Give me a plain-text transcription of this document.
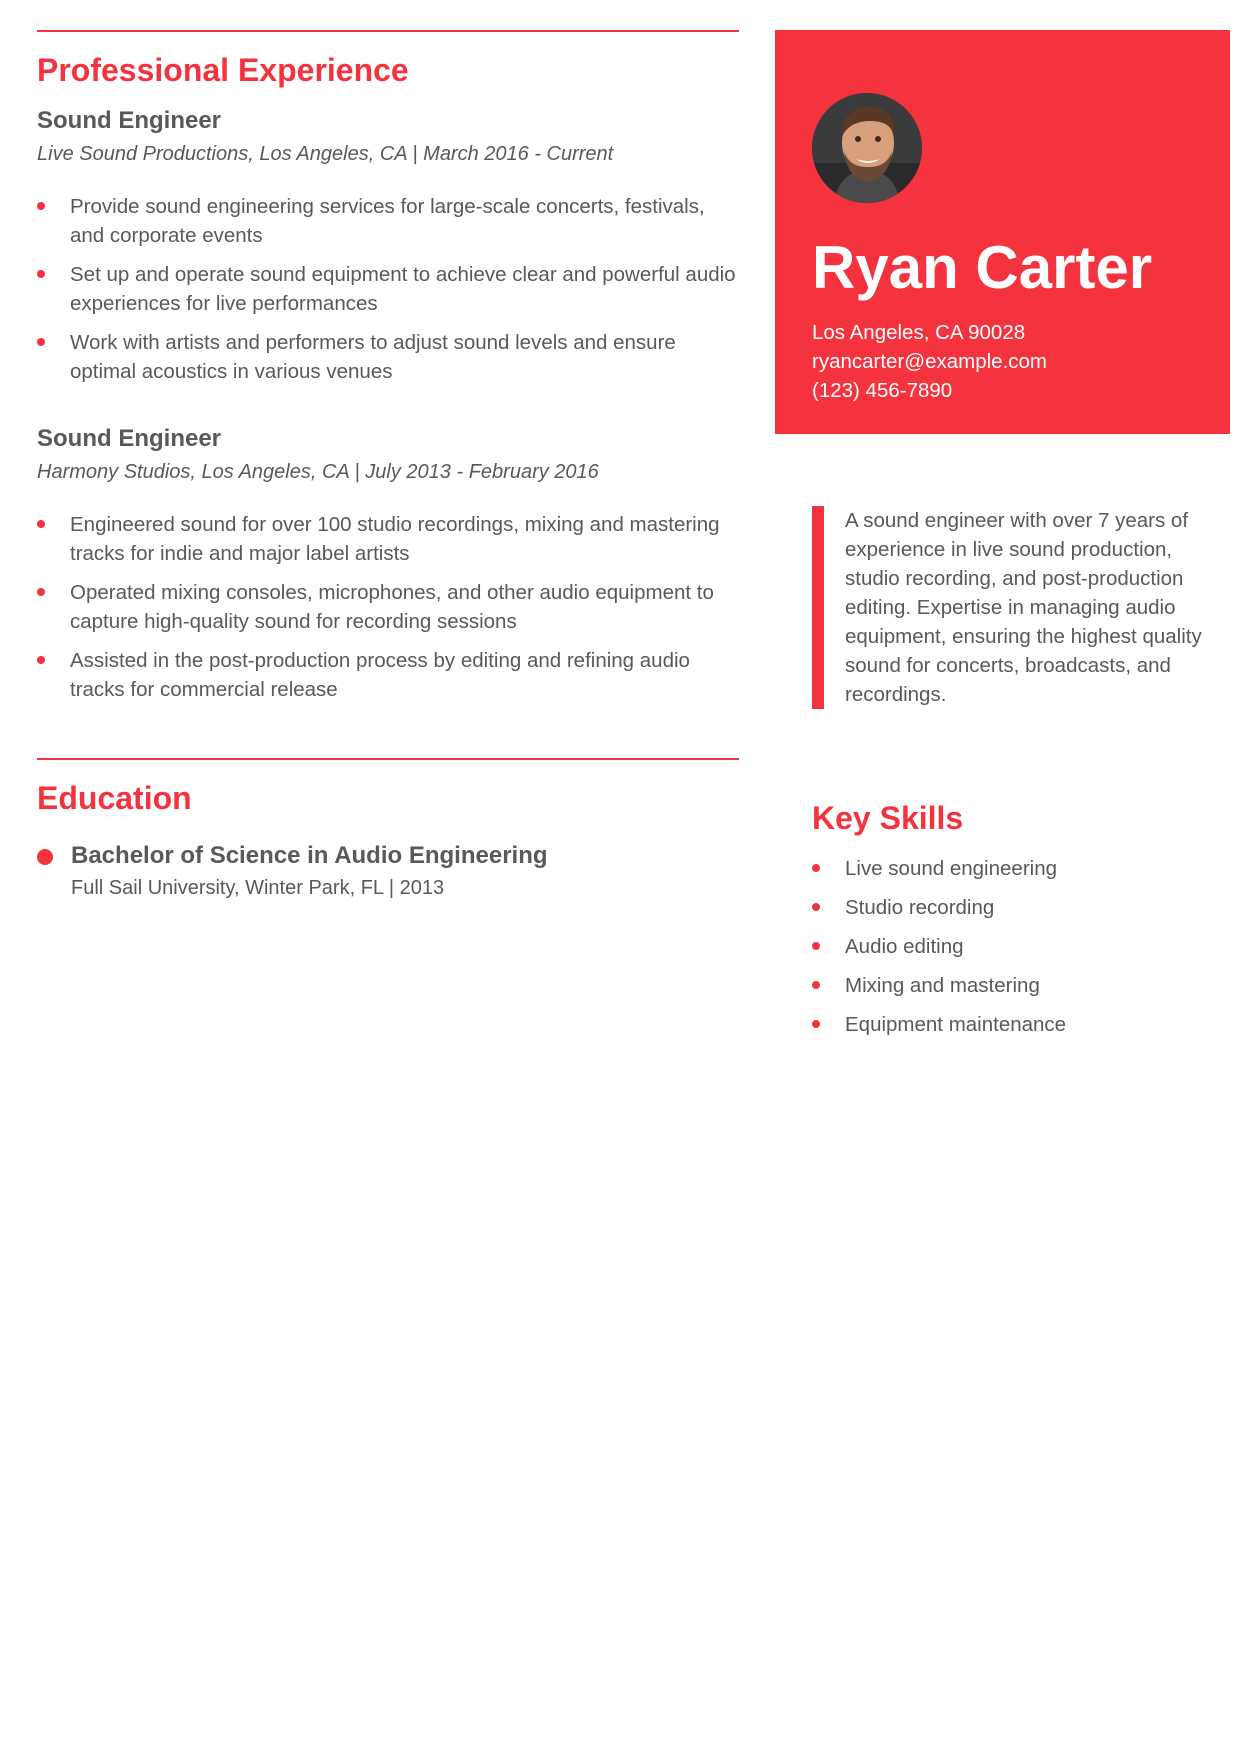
Professional Experience
Sound Engineer
Live Sound Productions, Los Angeles, CA | March 2016 - Current
Provide sound engineering services for large-scale concerts, festivals, and corporate events
Set up and operate sound equipment to achieve clear and powerful audio experiences for live performances
Work with artists and performers to adjust sound levels and ensure optimal acoustics in various venues
Sound Engineer
Harmony Studios, Los Angeles, CA | July 2013 - February 2016
Engineered sound for over 100 studio recordings, mixing and mastering tracks for indie and major label artists
Operated mixing consoles, microphones, and other audio equipment to capture high-quality sound for recording sessions
Assisted in the post-production process by editing and refining audio tracks for commercial release
Education
Bachelor of Science in Audio Engineering
Full Sail University, Winter Park, FL | 2013
Ryan Carter
Los Angeles, CA 90028
ryancarter@example.com
(123) 456-7890
A sound engineer with over 7 years of experience in live sound production, studio recording, and post-production editing. Expertise in managing audio equipment, ensuring the highest quality sound for concerts, broadcasts, and recordings.
Key Skills
Live sound engineering
Studio recording
Audio editing
Mixing and mastering
Equipment maintenance
